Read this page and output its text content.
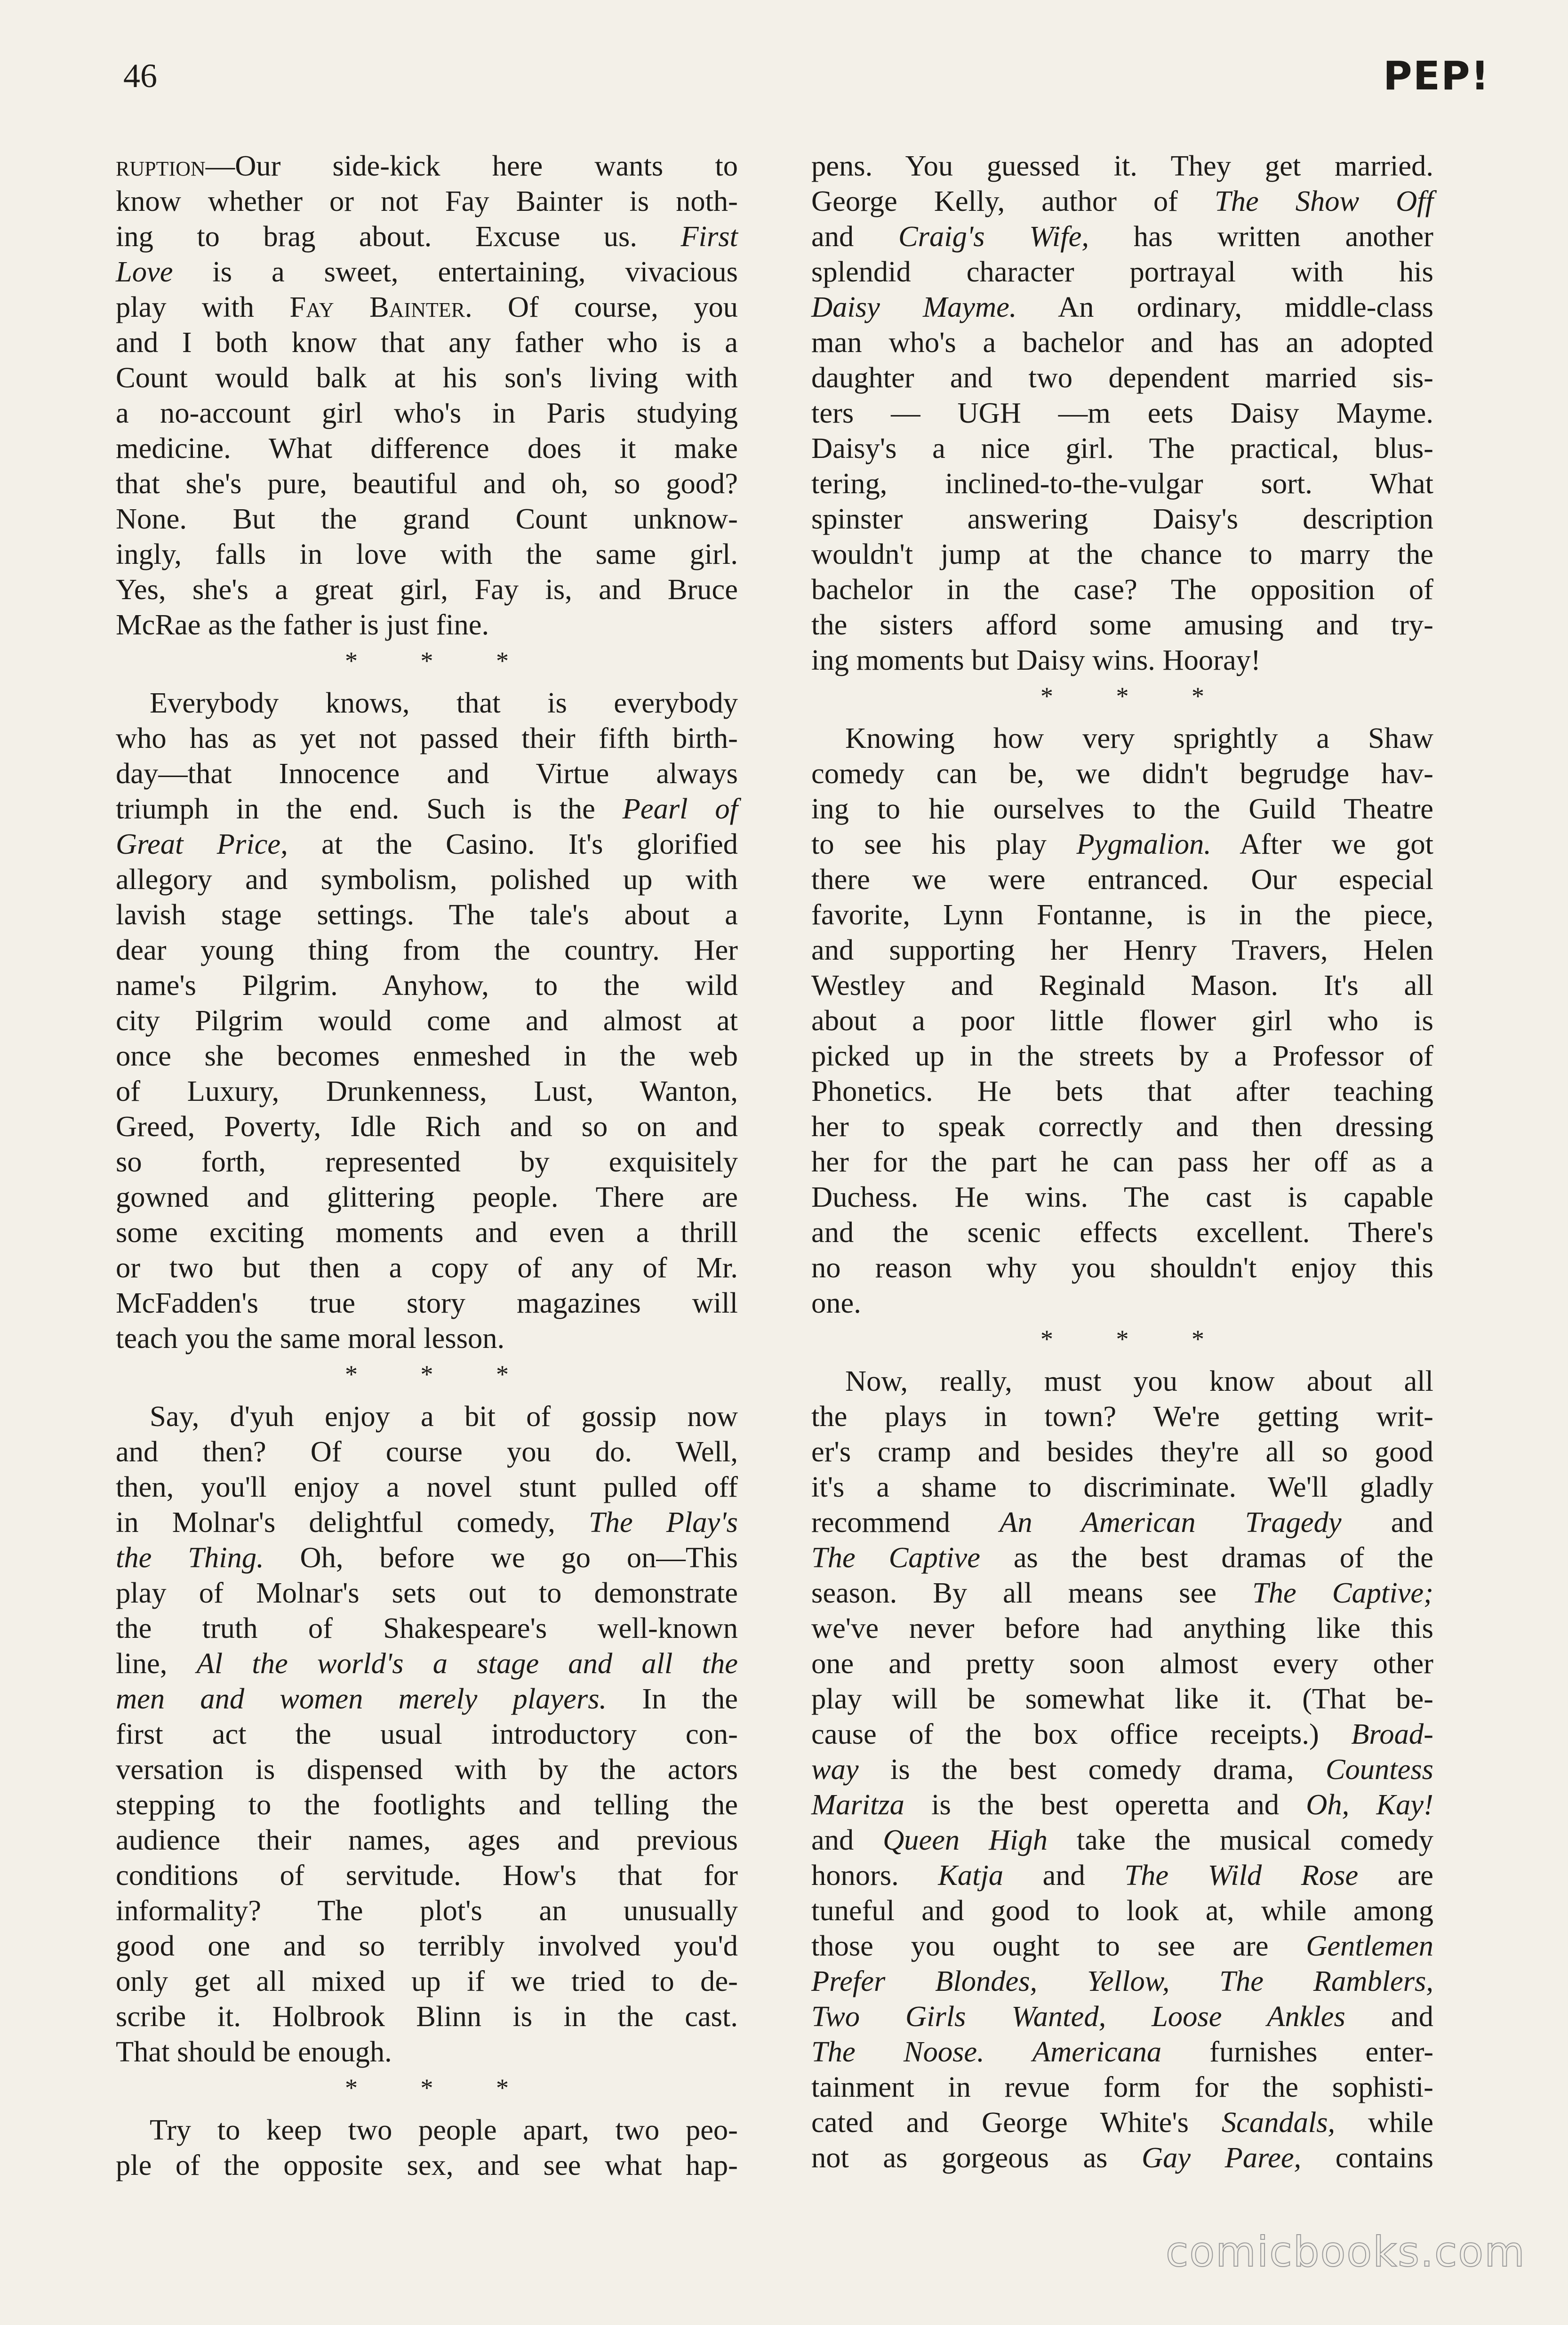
46	PEP!
ruption—Our side-kick here wants to
know whether or not Fay Bainter is noth-
ing to brag about. Excuse us. First
Love is a sweet, entertaining, vivacious
play with Fay Bainter. Of course, you
and I both know that any father who is a
Count would balk at his son's living with
a no-account girl who's in Paris studying
medicine. What difference does it make
that she's pure, beautiful and oh, so good?
None. But the grand Count unknow-
ingly, falls in love with the same girl.
Yes, she's a great girl, Fay is, and Bruce
McRae as the father is just fine.
* * *
Everybody knows, that is everybody
who has as yet not passed their fifth birth-
day—that Innocence and Virtue always
triumph in the end. Such is the Pearl of
Great Price, at the Casino. It's glorified
allegory and symbolism, polished up with
lavish stage settings. The tale's about a
dear young thing from the country. Her
name's Pilgrim. Anyhow, to the wild
city Pilgrim would come and almost at
once she becomes enmeshed in the web
of Luxury, Drunkenness, Lust, Wanton,
Greed, Poverty, Idle Rich and so on and
so forth, represented by exquisitely
gowned and glittering people. There are
some exciting moments and even a thrill
or two but then a copy of any of Mr.
McFadden's true story magazines will
teach you the same moral lesson.
* * *
Say, d'yuh enjoy a bit of gossip now
and then? Of course you do. Well,
then, you'll enjoy a novel stunt pulled off
in Molnar's delightful comedy, The Play's
the Thing. Oh, before we go on—This
play of Molnar's sets out to demonstrate
the truth of Shakespeare's well-known
line, Al the world's a stage and all the
men and women merely players. In the
first act the usual introductory con-
versation is dispensed with by the actors
stepping to the footlights and telling the
audience their names, ages and previous
conditions of servitude. How's that for
informality? The plot's an unusually
good one and so terribly involved you'd
only get all mixed up if we tried to de-
scribe it. Holbrook Blinn is in the cast.
That should be enough.
* * *
Try to keep two people apart, two peo-
ple of the opposite sex, and see what hap-
pens. You guessed it. They get married.
George Kelly, author of The Show Off
and Craig's Wife, has written another
splendid character portrayal with his
Daisy Mayme. An ordinary, middle-class
man who's a bachelor and has an adopted
daughter and two dependent married sis-
ters — UGH —m eets Daisy Mayme.
Daisy's a nice girl. The practical, blus-
tering, inclined-to-the-vulgar sort. What
spinster answering Daisy's description
wouldn't jump at the chance to marry the
bachelor in the case? The opposition of
the sisters afford some amusing and try-
ing moments but Daisy wins. Hooray!
* * *
Knowing how very sprightly a Shaw
comedy can be, we didn't begrudge hav-
ing to hie ourselves to the Guild Theatre
to see his play Pygmalion. After we got
there we were entranced. Our especial
favorite, Lynn Fontanne, is in the piece,
and supporting her Henry Travers, Helen
Westley and Reginald Mason. It's all
about a poor little flower girl who is
picked up in the streets by a Professor of
Phonetics. He bets that after teaching
her to speak correctly and then dressing
her for the part he can pass her off as a
Duchess. He wins. The cast is capable
and the scenic effects excellent. There's
no reason why you shouldn't enjoy this
one.
* * *
Now, really, must you know about all
the plays in town? We're getting writ-
er's cramp and besides they're all so good
it's a shame to discriminate. We'll gladly
recommend An American Tragedy and
The Captive as the best dramas of the
season. By all means see The Captive;
we've never before had anything like this
one and pretty soon almost every other
play will be somewhat like it. (That be-
cause of the box office receipts.) Broad-
way is the best comedy drama, Countess
Maritza is the best operetta and Oh, Kay!
and Queen High take the musical comedy
honors. Katja and The Wild Rose are
tuneful and good to look at, while among
those you ought to see are Gentlemen
Prefer Blondes, Yellow, The Ramblers,
Two Girls Wanted, Loose Ankles and
The Noose. Americana furnishes enter-
tainment in revue form for the sophisti-
cated and George White's Scandals, while
not as gorgeous as Gay Paree, contains
comicbooks.com
